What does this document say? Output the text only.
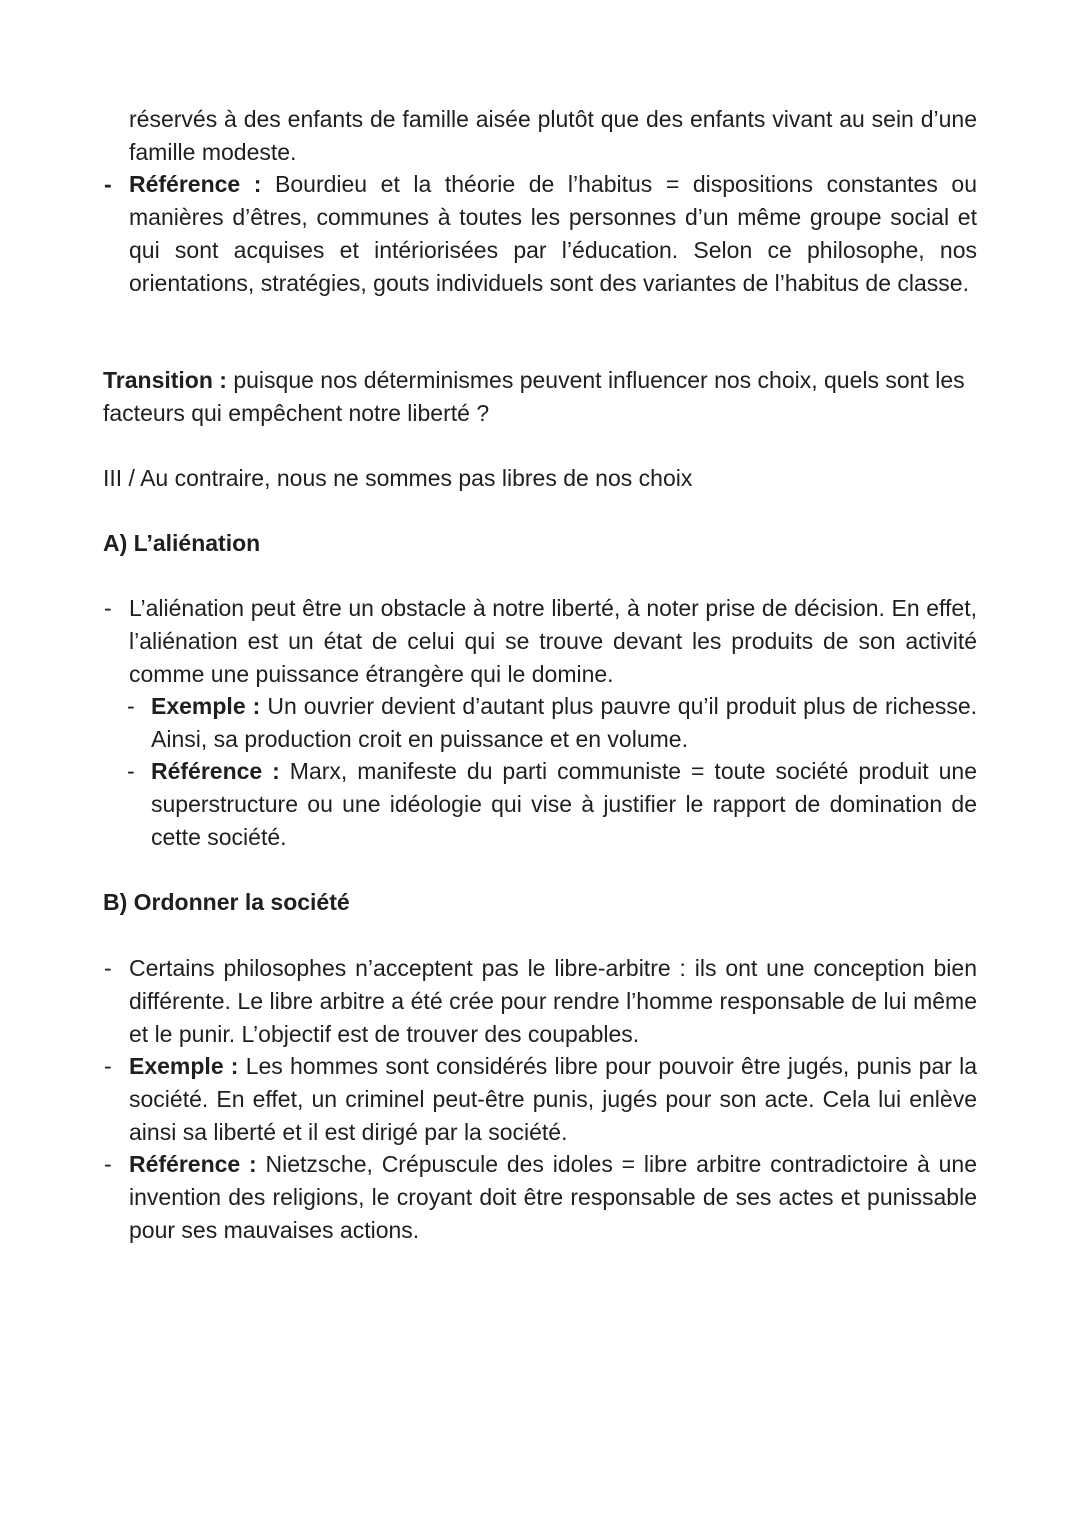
réservés à des enfants de famille aisée plutôt que des enfants vivant au sein d’une famille modeste.
- Référence : Bourdieu et la théorie de l’habitus = dispositions constantes ou manières d’êtres, communes à toutes les personnes d’un même groupe social et qui sont acquises et intériorisées par l’éducation. Selon ce philosophe, nos orientations, stratégies, gouts individuels sont des variantes de l’habitus de classe.
Transition : puisque nos déterminismes peuvent influencer nos choix, quels sont les facteurs qui empêchent notre liberté ?
III / Au contraire, nous ne sommes pas libres de nos choix
A) L’aliénation
- L’aliénation peut être un obstacle à notre liberté, à noter prise de décision. En effet, l’aliénation est un état de celui qui se trouve devant les produits de son activité comme une puissance étrangère qui le domine.
- Exemple : Un ouvrier devient d’autant plus pauvre qu’il produit plus de richesse. Ainsi, sa production croit en puissance et en volume.
- Référence : Marx, manifeste du parti communiste = toute société produit une superstructure ou une idéologie qui vise à justifier le rapport de domination de cette société.
B) Ordonner la société
- Certains philosophes n’acceptent pas le libre-arbitre : ils ont une conception bien différente. Le libre arbitre a été crée pour rendre l’homme responsable de lui même et le punir. L’objectif est de trouver des coupables.
- Exemple : Les hommes sont considérés libre pour pouvoir être jugés, punis par la société. En effet, un criminel peut-être punis, jugés pour son acte. Cela lui enlève ainsi sa liberté et il est dirigé par la société.
- Référence : Nietzsche, Crépuscule des idoles = libre arbitre contradictoire à une invention des religions, le croyant doit être responsable de ses actes et punissable pour ses mauvaises actions.
